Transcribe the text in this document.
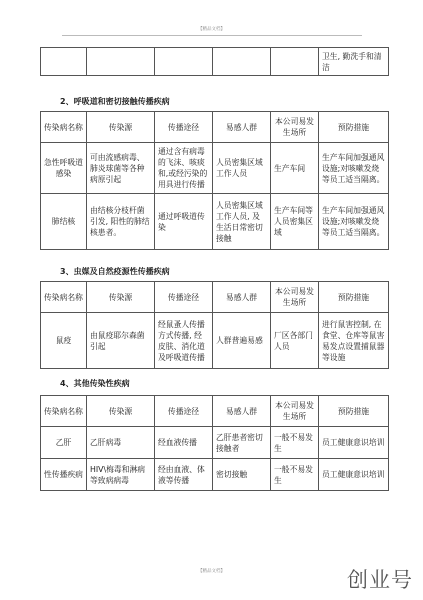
【精品文档】
					卫生, 勤洗手和清洁
2、呼吸道和密切接触传播疾病
传染病名称	传染源	传播途径	易感人群	本公司易发生场所	预防措施
急性呼吸道感染	可由流感病毒、肺炎球菌等各种病原引起	通过含有病毒的飞沫、咳痰和,或经污染的用具进行传播	人员密集区域工作人员	生产车间	生产车间加强通风设施;对咳嗽发烧等员工适当隔离。
肺结核	由结核分枝杆菌引发, 阳性的肺结核患者。	通过呼吸道传染	人员密集区域工作人员, 及生活日常密切接触	生产车间等人员密集区域	生产车间加强通风设施;对咳嗽发烧等员工适当隔离。
3、虫媒及自然疫源性传播疾病
传染病名称	传染源	传播途径	易感人群	本公司易发生场所	预防措施
鼠疫	由鼠疫耶尔森菌引起	经鼠蚤人传播方式传播, 经皮肤、消化道及呼吸道传播	人群普遍易感	厂区各部门人员	进行鼠害控制, 在食堂、仓库等鼠害易发点设置捕鼠器等设施
4、其他传染性疾病
传染病名称	传染源	传播途径	易感人群	本公司易发生场所	预防措施
乙肝	乙肝病毒	经血液传播	乙肝患者密切接触者	一般不易发生	员工健康意识培训
性传播疾病	HIV\梅毒和淋病等致病病毒	经由血液、体液等传播	密切接触	一般不易发生	员工健康意识培训
【精品文档】	创业号
